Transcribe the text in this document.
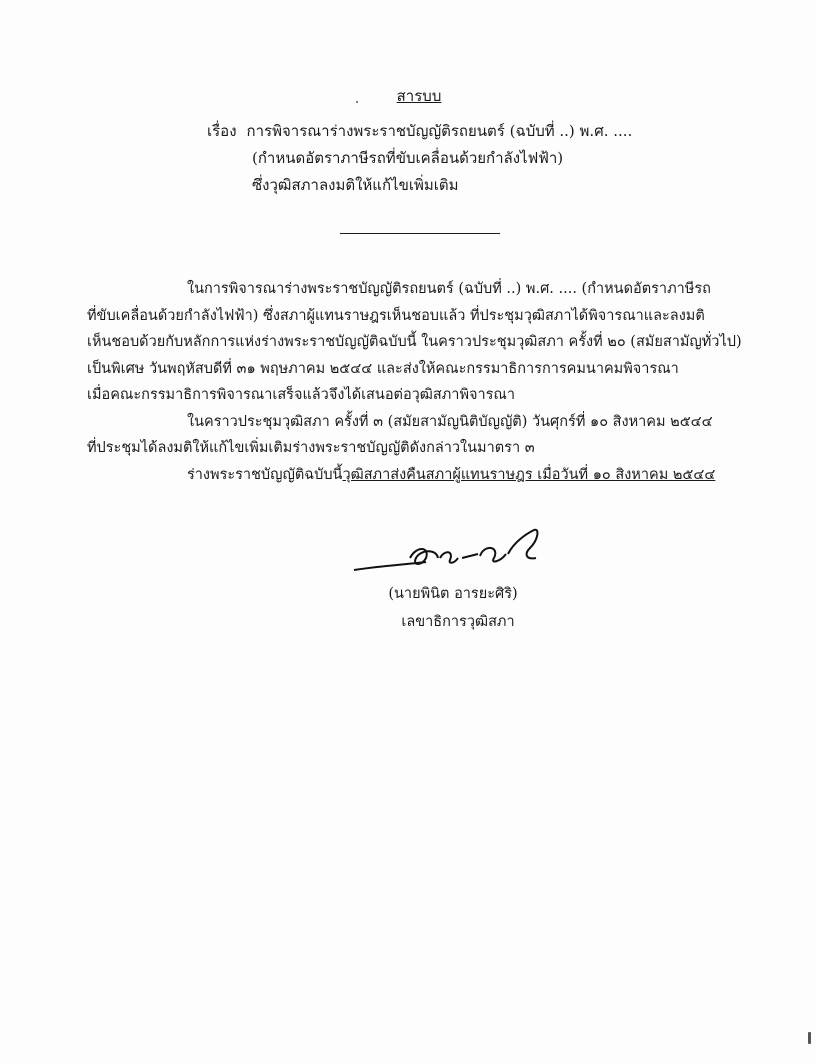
สารบบ
เรื่อง การพิจารณาร่างพระราชบัญญัติรถยนตร์ (ฉบับที่ ..) พ.ศ. ....
(กำหนดอัตราภาษีรถที่ขับเคลื่อนด้วยกำลังไฟฟ้า)
ซึ่งวุฒิสภาลงมติให้แก้ไขเพิ่มเติม
ในการพิจารณาร่างพระราชบัญญัติรถยนตร์ (ฉบับที่ ..) พ.ศ. .... (กำหนดอัตราภาษีรถ
ที่ขับเคลื่อนด้วยกำลังไฟฟ้า) ซึ่งสภาผู้แทนราษฎรเห็นชอบแล้ว ที่ประชุมวุฒิสภาได้พิจารณาและลงมติ
เห็นชอบด้วยกับหลักการแห่งร่างพระราชบัญญัติฉบับนี้ ในคราวประชุมวุฒิสภา ครั้งที่ ๒๐ (สมัยสามัญทั่วไป)
เป็นพิเศษ วันพฤหัสบดีที่ ๓๑ พฤษภาคม ๒๕๔๔ และส่งให้คณะกรรมาธิการการคมนาคมพิจารณา
เมื่อคณะกรรมาธิการพิจารณาเสร็จแล้วจึงได้เสนอต่อวุฒิสภาพิจารณา
ในคราวประชุมวุฒิสภา ครั้งที่ ๓ (สมัยสามัญนิติบัญญัติ) วันศุกร์ที่ ๑๐ สิงหาคม ๒๕๔๔
ที่ประชุมได้ลงมติให้แก้ไขเพิ่มเติมร่างพระราชบัญญัติดังกล่าวในมาตรา ๓
ร่างพระราชบัญญัติฉบับนี้วุฒิสภาส่งคืนสภาผู้แทนราษฎร เมื่อวันที่ ๑๐ สิงหาคม ๒๕๔๔
(นายพินิต อารยะศิริ)
เลขาธิการวุฒิสภา
